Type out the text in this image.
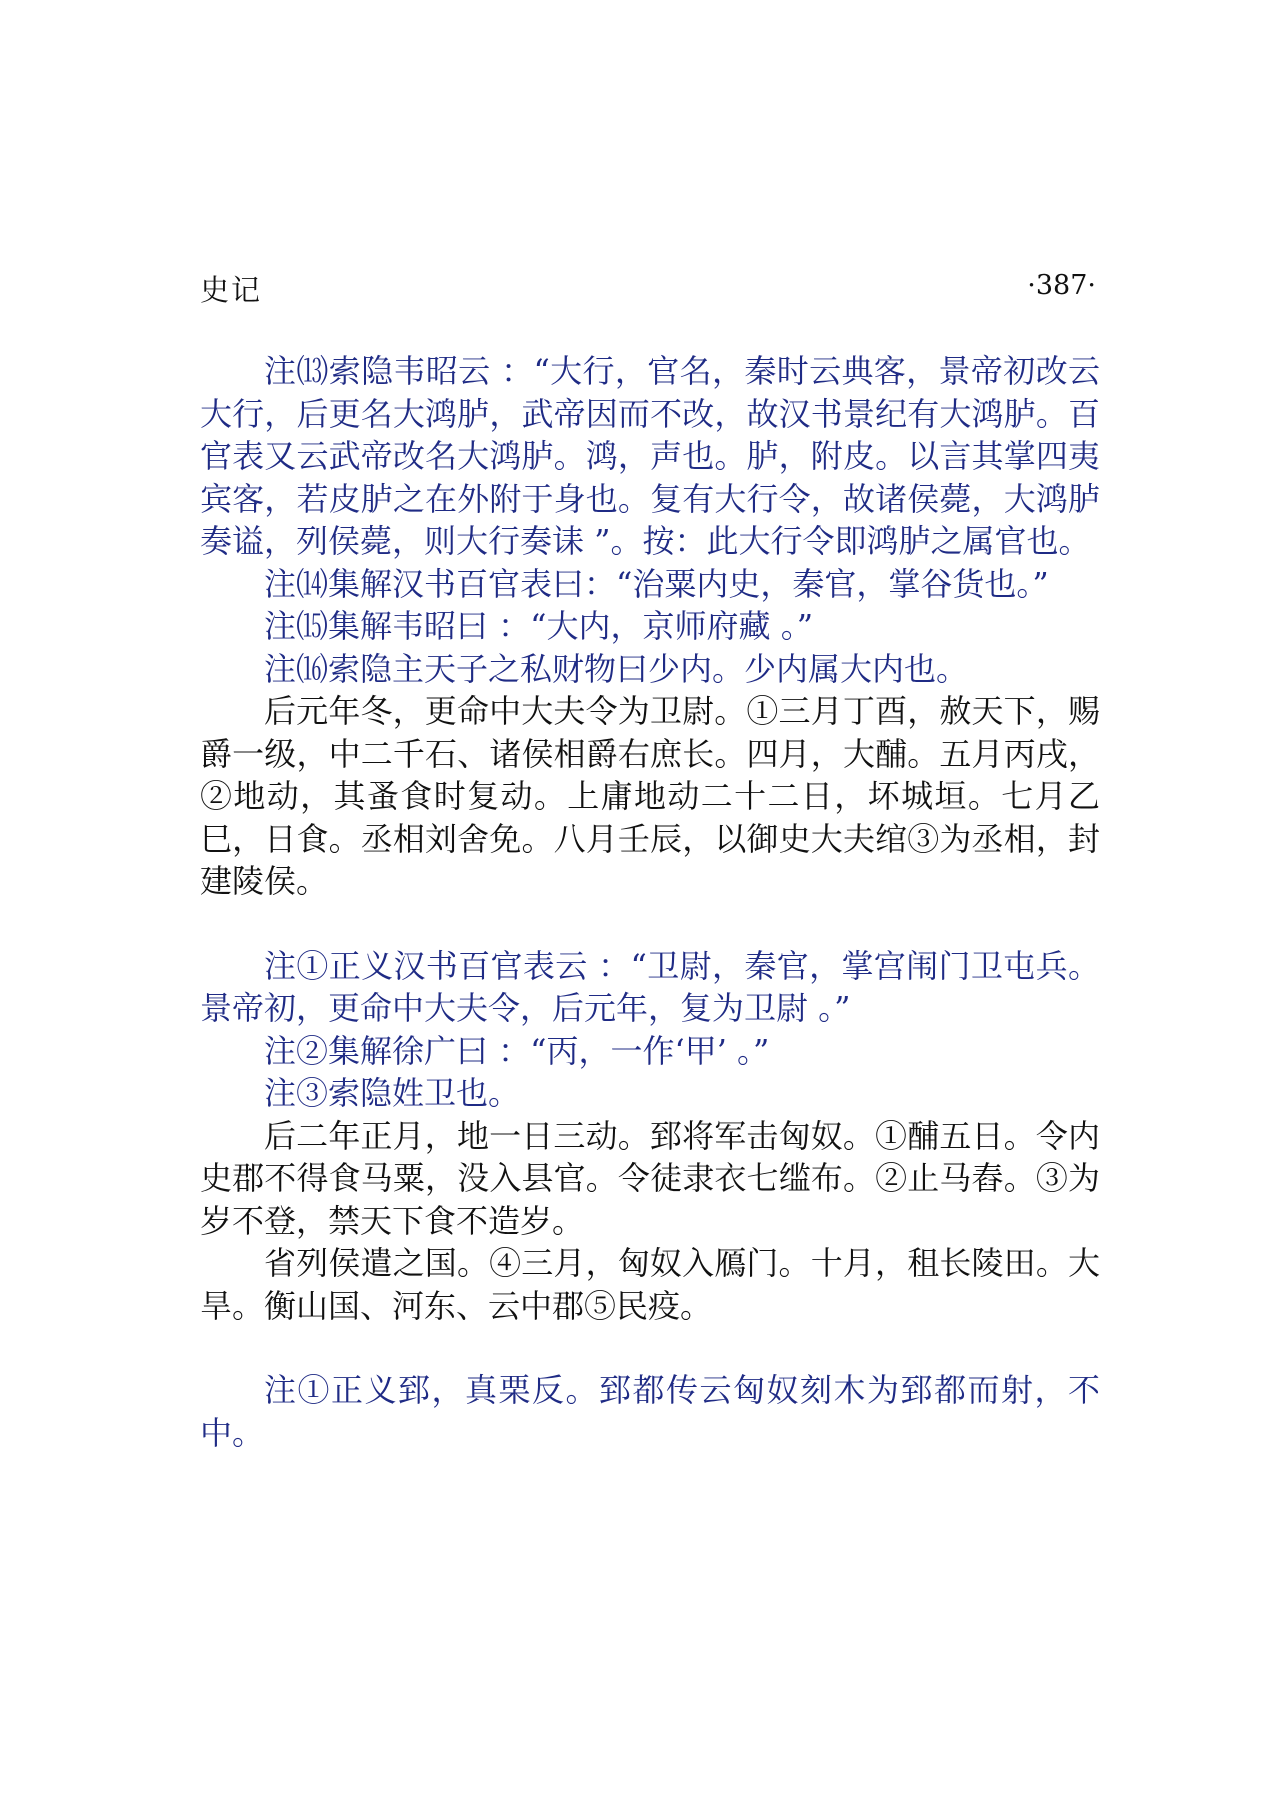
史记	·387·

注⒀索隐韦昭云 ：“大行，官名，秦时云典客，景帝初改云大行，后更名大鸿胪，武帝因而不改，故汉书景纪有大鸿胪。百官表又云武帝改名大鸿胪。鸿，声也。胪，附皮。以言其掌四夷宾客，若皮胪之在外附于身也。复有大行令，故诸侯薨，大鸿胪奏谥，列侯薨，则大行奏诔 ”。按：此大行令即鸿胪之属官也。

注⒁集解汉书百官表曰：“治粟内史，秦官，掌谷货也。”

注⒂集解韦昭曰 ：“大内，京师府藏 。”

注⒃索隐主天子之私财物曰少内。少内属大内也。

后元年冬，更命中大夫令为卫尉。①三月丁酉，赦天下，赐爵一级，中二千石、诸侯相爵右庶长。四月，大酺。五月丙戌，②地动，其蚤食时复动。上庸地动二十二日，坏城垣。七月乙巳，日食。丞相刘舍免。八月壬辰，以御史大夫绾③为丞相，封建陵侯。

注①正义汉书百官表云 ：“卫尉，秦官，掌宫闱门卫屯兵。景帝初，更命中大夫令，后元年，复为卫尉 。”

注②集解徐广曰 ：“丙，一作‘甲’ 。”

注③索隐姓卫也。

后二年正月，地一日三动。郅将军击匈奴。①酺五日。令内史郡不得食马粟，没入县官。令徒隶衣七䍀布。②止马舂。③为岁不登，禁天下食不造岁。

省列侯遣之国。④三月，匈奴入鴈门。十月，租长陵田。大旱。衡山国、河东、云中郡⑤民疫。

注①正义郅，真栗反。郅都传云匈奴刻木为郅都而射，不中。
